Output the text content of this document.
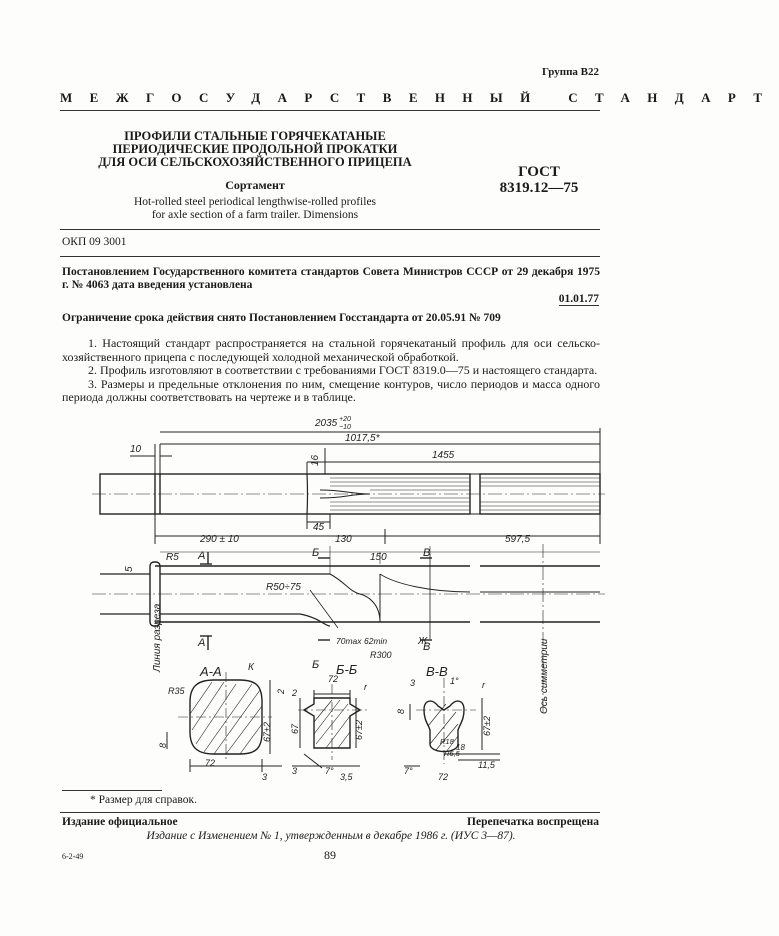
Группа В22
МЕЖГОСУДАРСТВЕННЫЙ СТАНДАРТ
ПРОФИЛИ СТАЛЬНЫЕ ГОРЯЧЕКАТАНЫЕ
ПЕРИОДИЧЕСКИЕ ПРОДОЛЬНОЙ ПРОКАТКИ
ДЛЯ ОСИ СЕЛЬСКОХОЗЯЙСТВЕННОГО ПРИЦЕПА
Сортамент
Hot-rolled steel periodical lengthwise-rolled profiles
for axle section of a farm trailer. Dimensions
ГОСТ
8319.12—75
ОКП 09 3001
Постановлением Государственного комитета стандартов Совета Министров СССР от 29 декабря 1975 г. № 4063 дата введения установлена
01.01.77
Ограничение срока действия снято Постановлением Госстандарта от 20.05.91 № 709
1. Настоящий стандарт распространяется на стальной горячекатаный профиль для оси сельско-хозяйственного прицепа с последующей холодной механической обработкой.
2. Профиль изготовляют в соответствии с требованиями ГОСТ 8319.0—75 и настоящего стандарта.
3. Размеры и предельные отклонения по ним, смещение контуров, число периодов и масса одного периода должны соответствовать на чертеже и в таблице.
2035 +20
−10
1017,5*
1455
10
16
45
290 ± 10	130	597,5
R5 А
А
Б
Б
В
В
150
5
R50÷75
70max 62min
R300
Ж
Линия разреза
Ось симметрии
А-А	Б-Б	В-В
К
R35	2
67±2
8
72
3
72
2
r
67	67±2
3	7°
3,5
3	1°	r
8
R18
R6,5
18
11,5
67±2
7°
72
* Размер для справок.
Издание официальное	Перепечатка воспрещена
Издание с Изменением № 1, утвержденным в декабре 1986 г. (ИУС 3—87).
89
6-2-49
